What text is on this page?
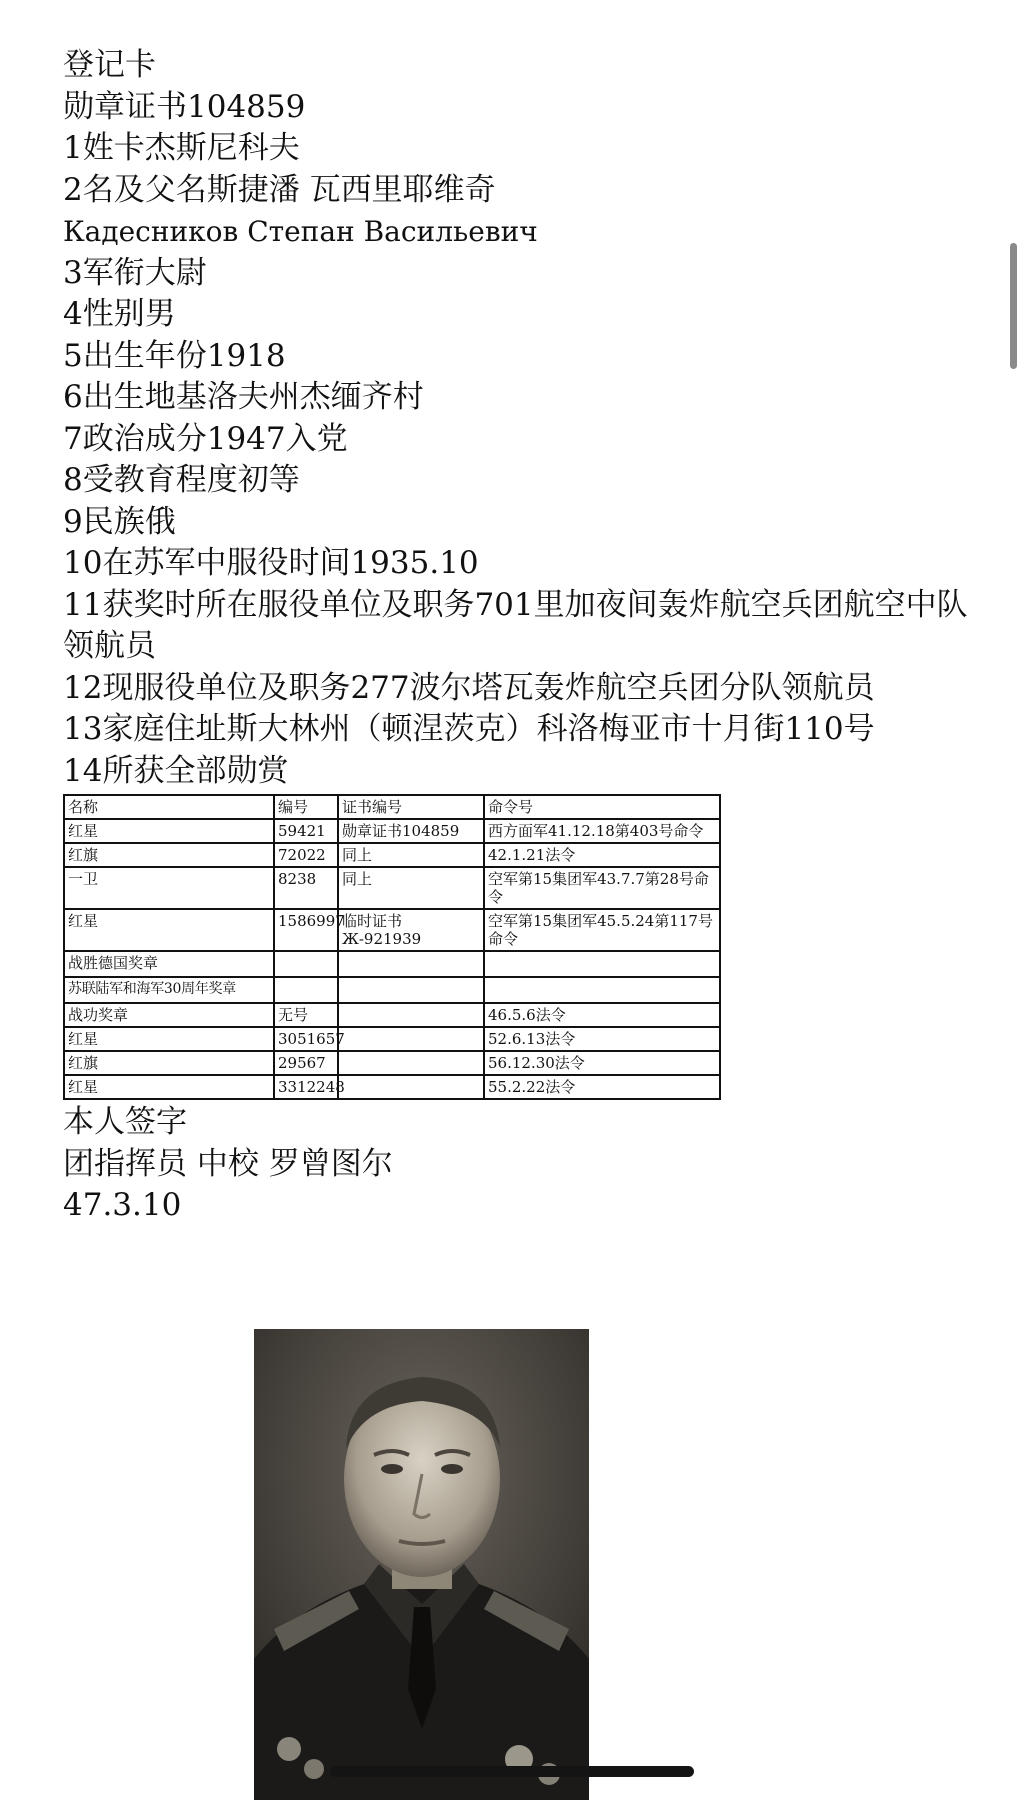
登记卡
勋章证书104859
1姓卡杰斯尼科夫
2名及父名斯捷潘 瓦西里耶维奇
Кадесников Степан Васильевич
3军衔大尉
4性别男
5出生年份1918
6出生地基洛夫州杰缅齐村
7政治成分1947入党
8受教育程度初等
9民族俄
10在苏军中服役时间1935.10
11获奖时所在服役单位及职务701里加夜间轰炸航空兵团航空中队领航员
12现服役单位及职务277波尔塔瓦轰炸航空兵团分队领航员
13家庭住址斯大林州（顿涅茨克）科洛梅亚市十月街110号
14所获全部勋赏
名称	编号	证书编号	命令号
红星	59421	勋章证书104859	西方面军41.12.18第403号命令
红旗	72022	同上	42.1.21法令
一卫	8238	同上	空军第15集团军43.7.7第28号命令
红星	1586997	临时证书Ж-921939	空军第15集团军45.5.24第117号命令
战胜德国奖章			
苏联陆军和海军30周年奖章			
战功奖章	无号		46.5.6法令
红星	3051657		52.6.13法令
红旗	29567		56.12.30法令
红星	3312248		55.2.22法令
本人签字
团指挥员 中校 罗曾图尔
47.3.10
